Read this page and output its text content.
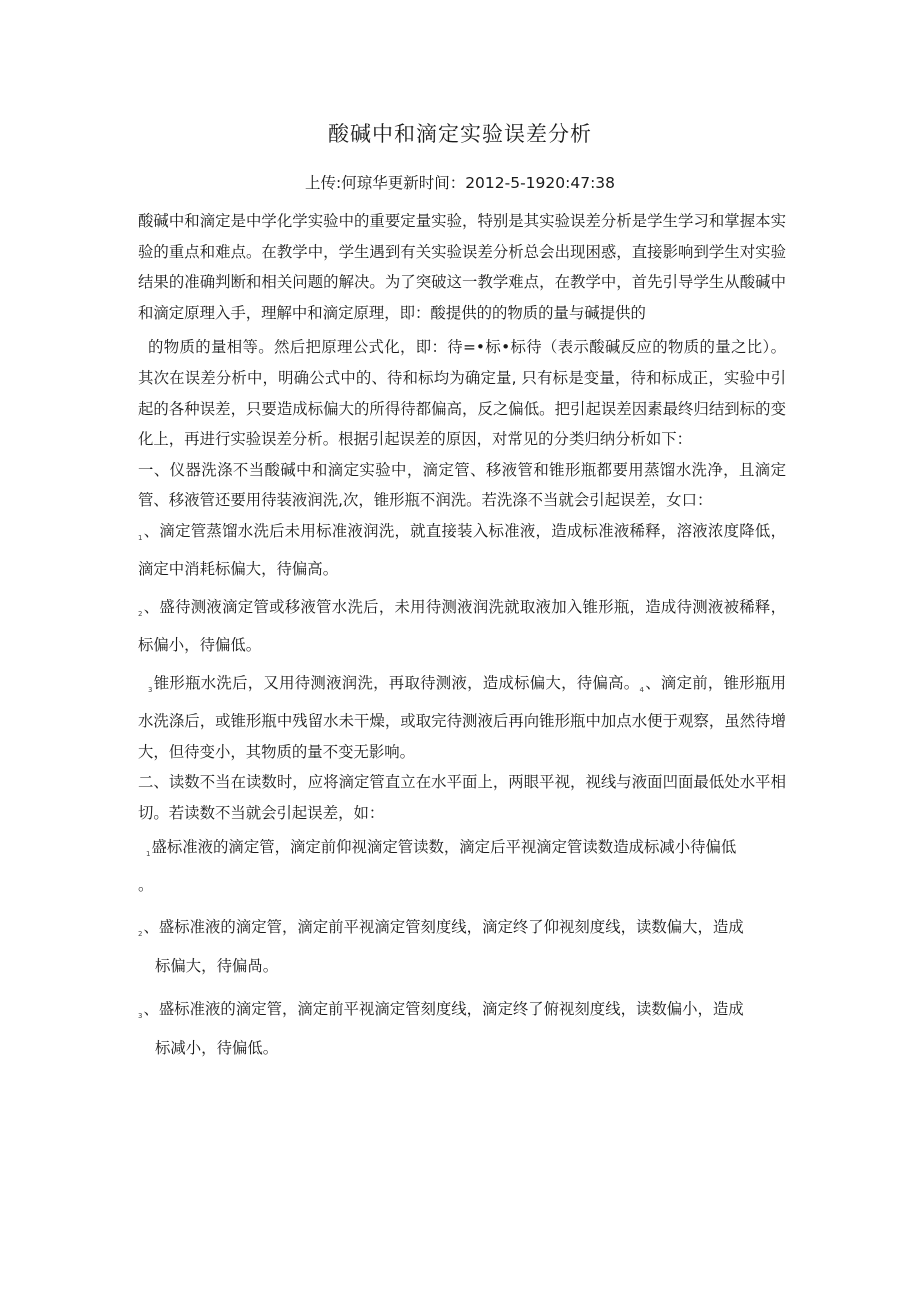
酸碱中和滴定实验误差分析
上传:何琼华更新时间：2012-5-1920:47:38

酸碱中和滴定是中学化学实验中的重要定量实验，特别是其实验误差分析是学生学习和掌握本实验的重点和难点。在教学中，学生遇到有关实验误差分析总会出现困惑，直接影响到学生对实验结果的准确判断和相关问题的解决。为了突破这一教学难点，在教学中，首先引导学生从酸碱中和滴定原理入手，理解中和滴定原理，即：酸提供的的物质的量与碱提供的

的物质的量相等。然后把原理公式化，即：待=•标•标待（表示酸碱反应的物质的量之比）。其次在误差分析中，明确公式中的、待和标均为确定量, 只有标是变量，待和标成正，实验中引起的各种误差，只要造成标偏大的所得待都偏高，反之偏低。把引起误差因素最终归结到标的变化上，再进行实验误差分析。根据引起误差的原因，对常见的分类归纳分析如下：

一、仪器洗涤不当酸碱中和滴定实验中，滴定管、移液管和锥形瓶都要用蒸馏水洗净，且滴定管、移液管还要用待装液润洗,次，锥形瓶不润洗。若洗涤不当就会引起误差，女口：

$_1$、滴定管蒸馏水洗后未用标准液润洗，就直接装入标准液，造成标准液稀释，溶液浓度降低，滴定中消耗标偏大，待偏高。

$_2$、盛待测液滴定管或移液管水洗后，未用待测液润洗就取液加入锥形瓶，造成待测液被稀释，标偏小，待偏低。

$_3$锥形瓶水洗后，又用待测液润洗，再取待测液，造成标偏大，待偏高。$_4$、滴定前，锥形瓶用水洗涤后，或锥形瓶中残留水未干燥，或取完待测液后再向锥形瓶中加点水便于观察，虽然待增大，但待变小，其物质的量不变无影响。

二、读数不当在读数时，应将滴定管直立在水平面上，两眼平视，视线与液面凹面最低处水平相切。若读数不当就会引起误差，如：

$_1$盛标准液的滴定管，滴定前仰视滴定管读数，滴定后平视滴定管读数造成标减小待偏低
。

$_2$、盛标准液的滴定管，滴定前平视滴定管刻度线，滴定终了仰视刻度线，读数偏大，造成

标偏大，待偏咼。

$_3$、盛标准液的滴定管，滴定前平视滴定管刻度线，滴定终了俯视刻度线，读数偏小，造成

标减小，待偏低。
